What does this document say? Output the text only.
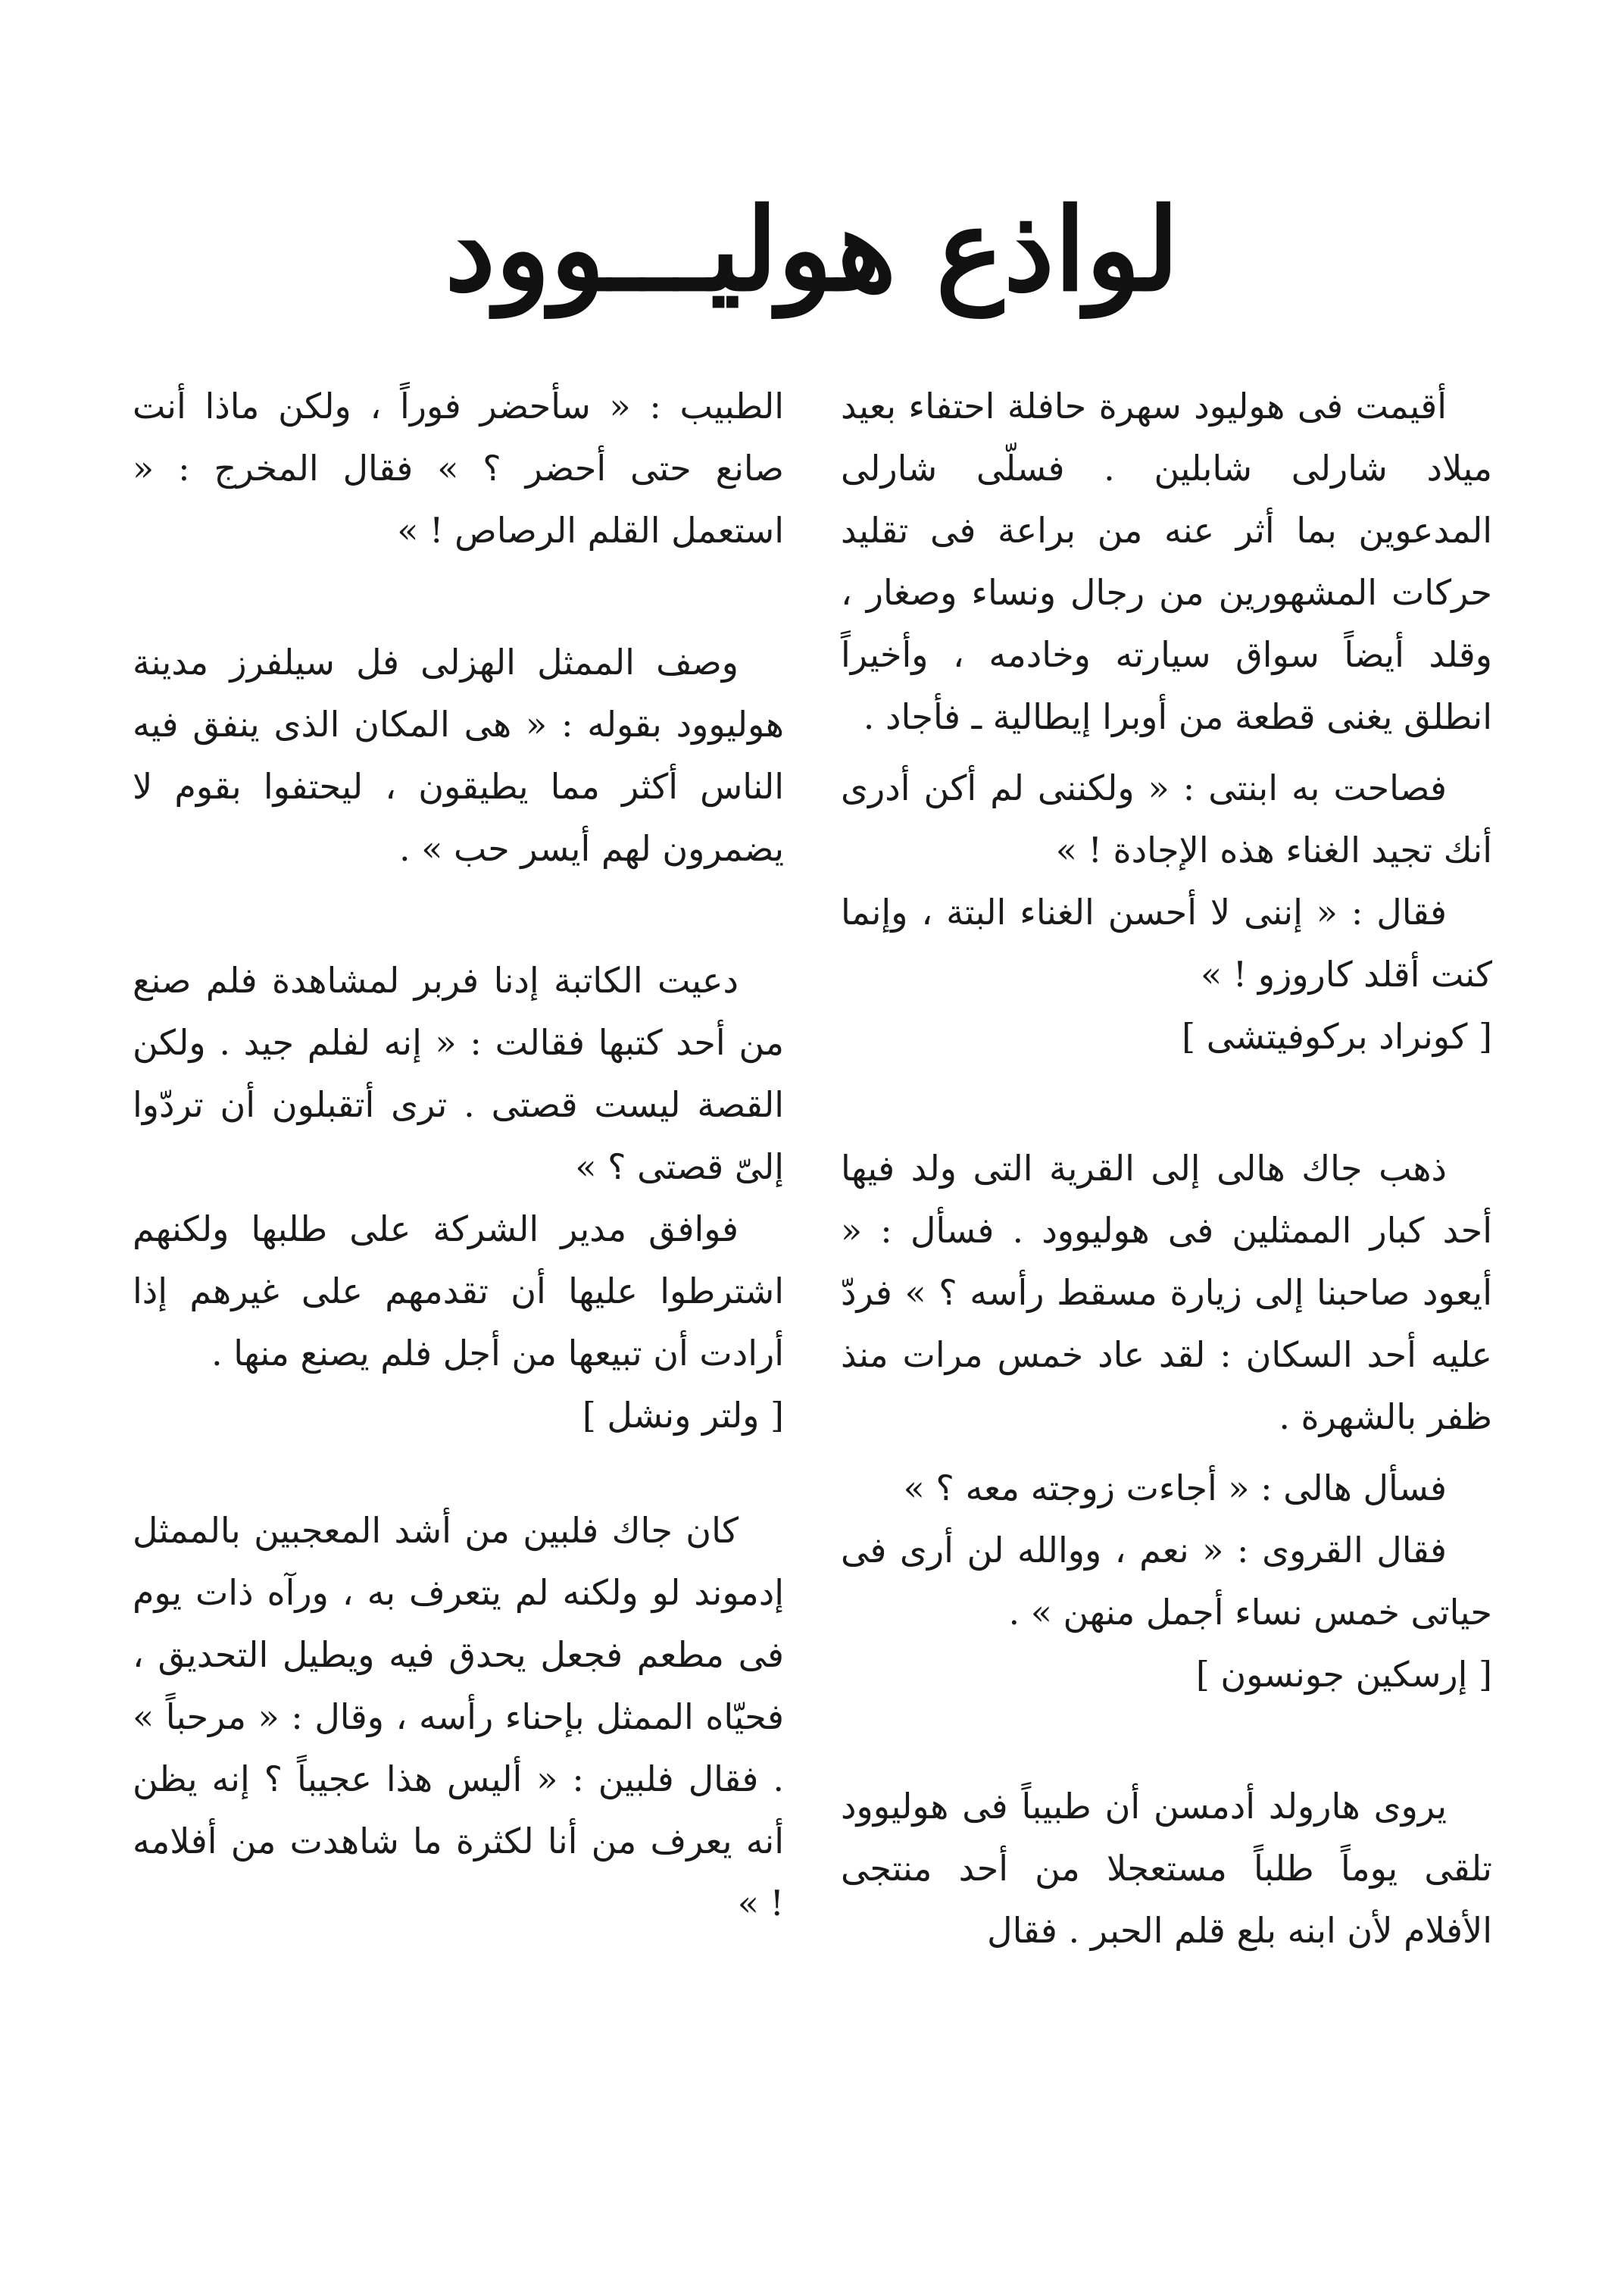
لواذع هوليـــوود

أقيمت فى هوليود سهرة حافلة احتفاء بعيد ميلاد شارلى شابلين . فسلّى شارلى المدعوين بما أثر عنه من براعة فى تقليد حركات المشهورين من رجال ونساء وصغار ، وقلد أيضاً سواق سيارته وخادمه ، وأخيراً انطلق يغنى قطعة من أوبرا إيطالية ـ فأجاد .

فصاحت به ابنتى : « ولكننى لم أكن أدرى أنك تجيد الغناء هذه الإجادة ! »

فقال : « إننى لا أحسن الغناء البتة ، وإنما كنت أقلد كاروزو ! »

[ كونراد بركوفيتشى ]

ذهب جاك هالى إلى القرية التى ولد فيها أحد كبار الممثلين فى هوليوود . فسأل : « أيعود صاحبنا إلى زيارة مسقط رأسه ؟ » فردّ عليه أحد السكان : لقد عاد خمس مرات منذ ظفر بالشهرة .

فسأل هالى : « أجاءت زوجته معه ؟ »

فقال القروى : « نعم ، ووالله لن أرى فى حياتى خمس نساء أجمل منهن » .

[ إرسكين جونسون ]

يروى هارولد أدمسن أن طبيباً فى هوليوود تلقى يوماً طلباً مستعجلا من أحد منتجى الأفلام لأن ابنه بلع قلم الحبر . فقال

الطبيب : « سأحضر فوراً ، ولكن ماذا أنت صانع حتى أحضر ؟ » فقال المخرج : « استعمل القلم الرصاص ! »

وصف الممثل الهزلى فل سيلفرز مدينة هوليوود بقوله : « هى المكان الذى ينفق فيه الناس أكثر مما يطيقون ، ليحتفوا بقوم لا يضمرون لهم أيسر حب » .

دعيت الكاتبة إدنا فربر لمشاهدة فلم صنع من أحد كتبها فقالت : « إنه لفلم جيد . ولكن القصة ليست قصتى . ترى أتقبلون أن تردّوا إلىّ قصتى ؟ »

فوافق مدير الشركة على طلبها ولكنهم اشترطوا عليها أن تقدمهم على غيرهم إذا أرادت أن تبيعها من أجل فلم يصنع منها .

[ ولتر ونشل ]

كان جاك فلبين من أشد المعجبين بالممثل إدموند لو ولكنه لم يتعرف به ، ورآه ذات يوم فى مطعم فجعل يحدق فيه ويطيل التحديق ، فحيّاه الممثل بإحناء رأسه ، وقال : « مرحباً » . فقال فلبين : « أليس هذا عجيباً ؟ إنه يظن أنه يعرف من أنا لكثرة ما شاهدت من أفلامه ! »
